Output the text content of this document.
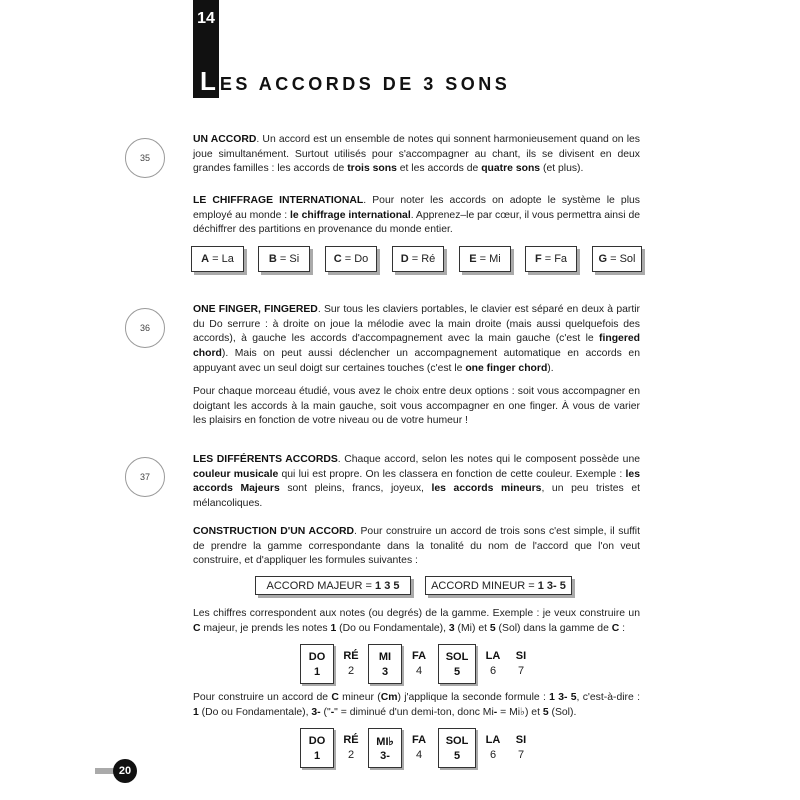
14
LES ACCORDS DE 3 SONS
35
36
37
UN ACCORD. Un accord est un ensemble de notes qui sonnent harmonieusement quand on les joue simultanément. Surtout utilisés pour s'accompagner au chant, ils se divisent en deux grandes familles : les accords de trois sons et les accords de quatre sons (et plus).
LE CHIFFRAGE INTERNATIONAL. Pour noter les accords on adopte le système le plus employé au monde : le chiffrage international. Apprenez–le par cœur, il vous permettra ainsi de déchiffrer des partitions en provenance du monde entier.
A
= La	B
= Si	C
= Do	D
= Ré	E
= Mi	F
= Fa	G
= Sol
ONE FINGER, FINGERED. Sur tous les claviers portables, le clavier est séparé en deux à partir du Do serrure : à droite on joue la mélodie avec la main droite (mais aussi quelquefois des accords), à gauche les accords d'accompagnement avec la main gauche (c'est le fingered chord). Mais on peut aussi déclencher un accompagnement automatique en accords en appuyant avec un seul doigt sur certaines touches (c'est le one finger chord).
Pour chaque morceau étudié, vous avez le choix entre deux options : soit vous accompagner en doigtant les accords à la main gauche, soit vous accompagner en one finger. À vous de varier les plaisirs en fonction de votre niveau ou de votre humeur !
LES DIFFÉRENTS ACCORDS. Chaque accord, selon les notes qui le composent possède une couleur musicale qui lui est propre. On les classera en fonction de cette couleur. Exemple : les accords Majeurs sont pleins, francs, joyeux, les accords mineurs, un peu tristes et mélancoliques.
CONSTRUCTION D'UN ACCORD. Pour construire un accord de trois sons c'est simple, il suffit de prendre la gamme correspondante dans la tonalité du nom de l'accord que l'on veut construire, et d'appliquer les formules suivantes :
ACCORD MAJEUR =
1 3 5	ACCORD MINEUR =
1 3- 5
Les chiffres correspondent aux notes (ou degrés) de la gamme. Exemple : je veux construire un C majeur, je prends les notes 1 (Do ou Fondamentale), 3 (Mi) et 5 (Sol) dans la gamme de C :
DO
1
RÉ
2
MI
3
FA
4
SOL
5
LA
6
SI
7
Pour construire un accord de C mineur (Cm) j'applique la seconde formule : 1 3- 5, c'est-à-dire : 1 (Do ou Fondamentale), 3- ("-" = diminué d'un demi-ton, donc Mi- = Mi♭) et 5 (Sol).
DO
1
RÉ
2
MI♭
3-
FA
4
SOL
5
LA
6
SI
7
20
